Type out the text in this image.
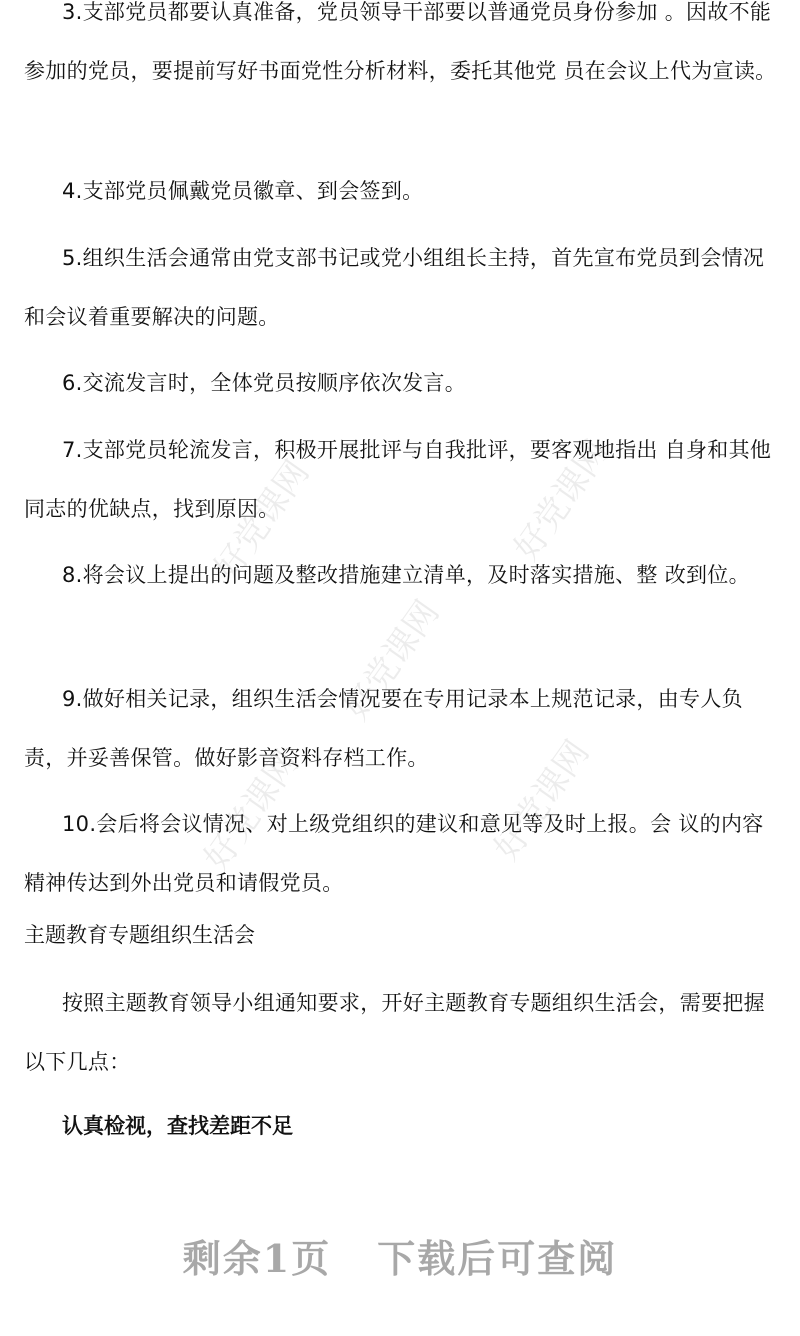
好党课网	好党课网
好党课网
好党课网	好党课网

3.支部党员都要认真准备，党员领导干部要以普通党员身份参加 。因故不能参加的党员，要提前写好书面党性分析材料，委托其他党 员在会议上代为宣读。

4.支部党员佩戴党员徽章、到会签到。

5.组织生活会通常由党支部书记或党小组组长主持，首先宣布党员到会情况和会议着重要解决的问题。

6.交流发言时，全体党员按顺序依次发言。

7.支部党员轮流发言，积极开展批评与自我批评，要客观地指出 自身和其他同志的优缺点，找到原因。

8.将会议上提出的问题及整改措施建立清单，及时落实措施、整 改到位。

9.做好相关记录，组织生活会情况要在专用记录本上规范记录，由专人负责，并妥善保管。做好影音资料存档工作。

10.会后将会议情况、对上级党组织的建议和意见等及时上报。会 议的内容精神传达到外出党员和请假党员。

主题教育专题组织生活会

按照主题教育领导小组通知要求，开好主题教育专题组织生活会，需要把握以下几点：

认真检视，查找差距不足
剩余1页 下载后可查阅
